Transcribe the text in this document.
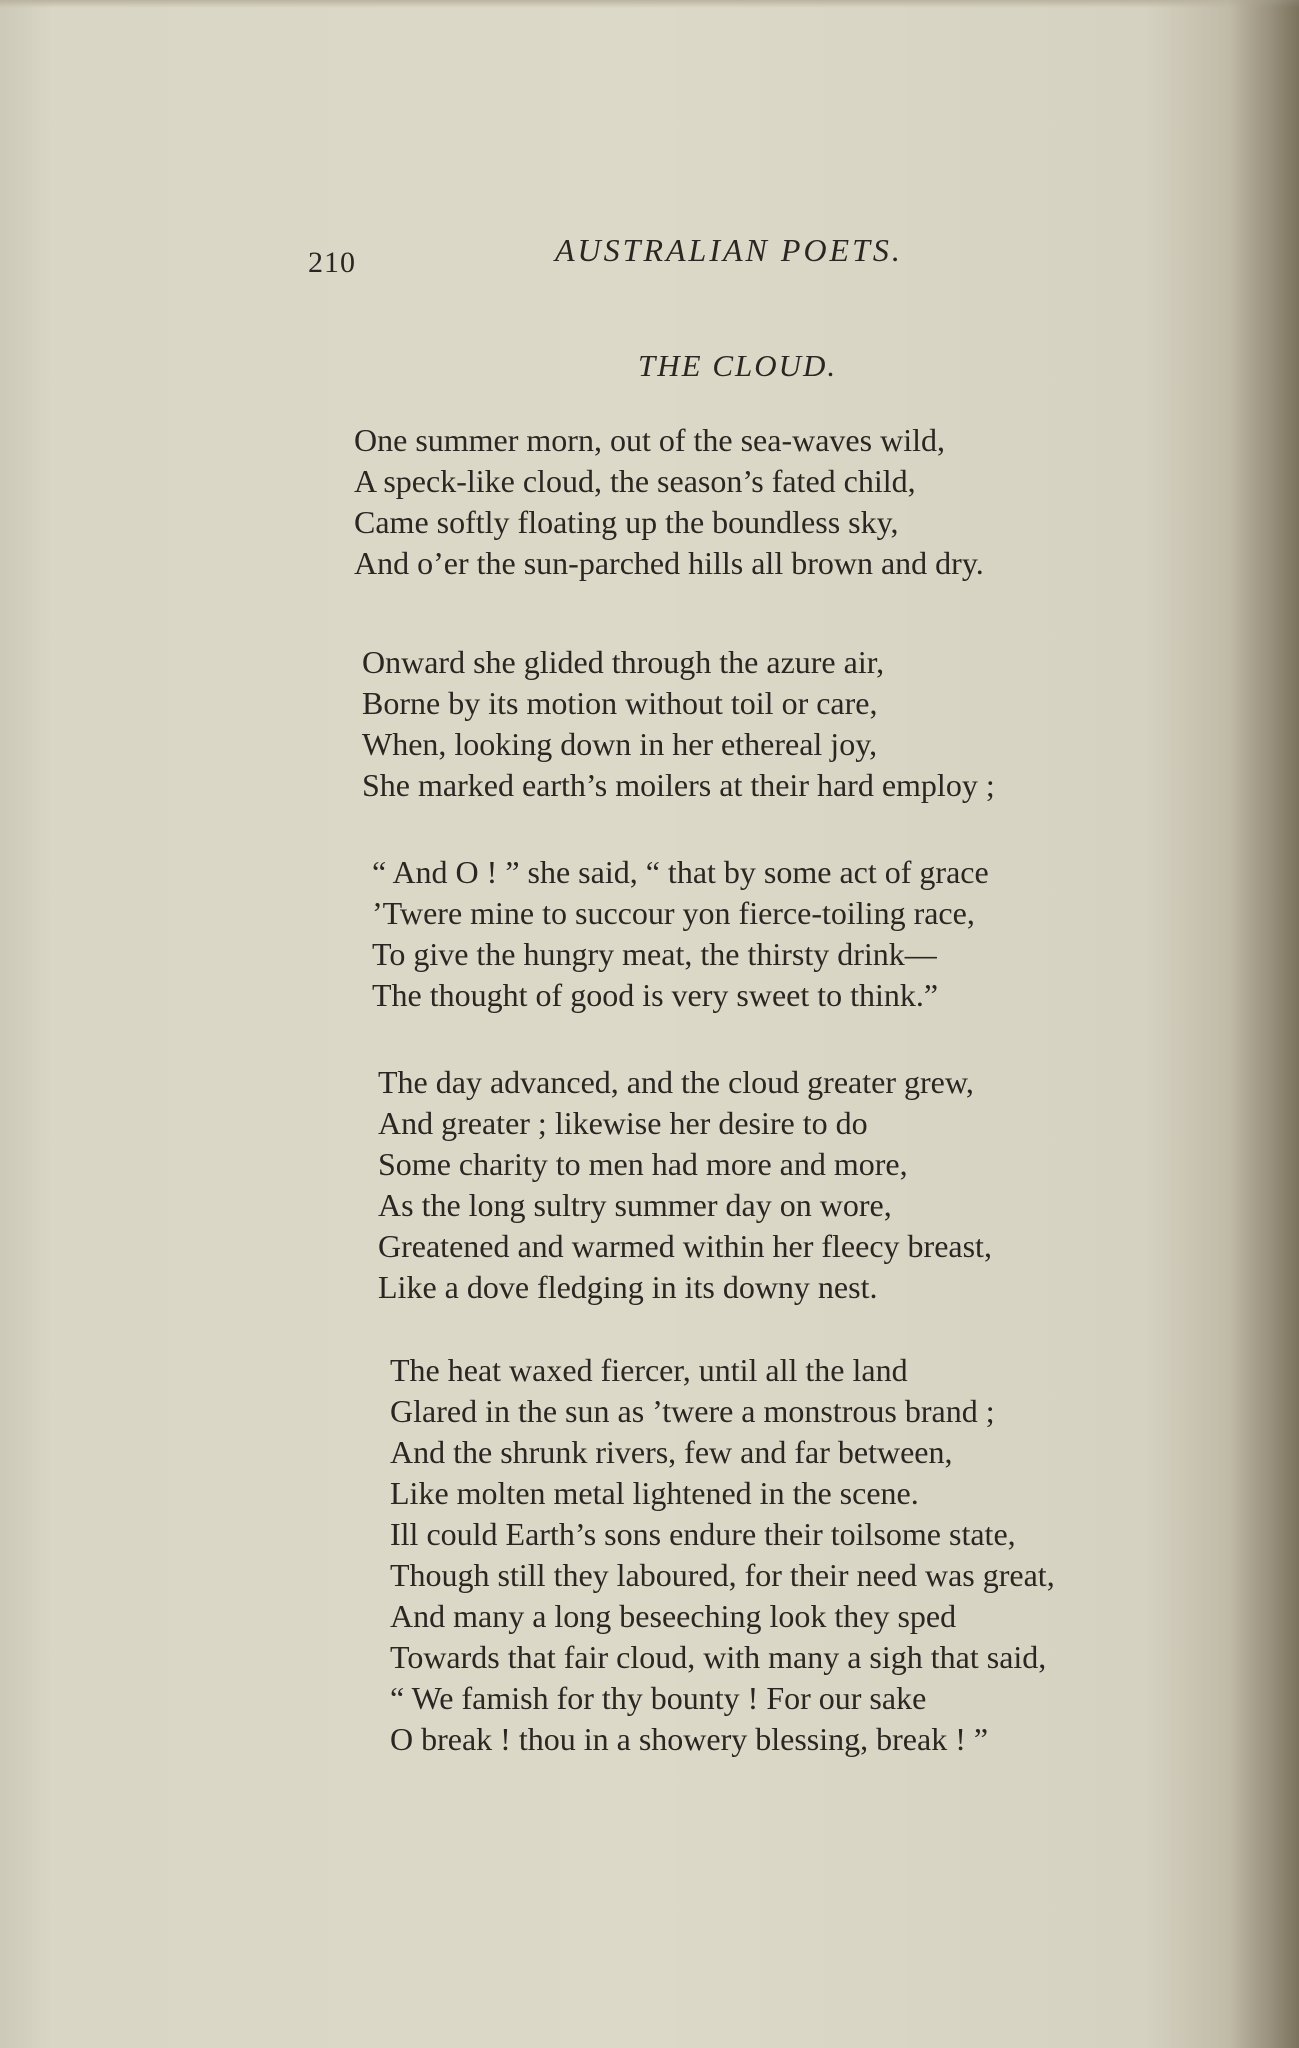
210	AUSTRALIAN POETS.
THE CLOUD.
One summer morn, out of the sea-waves wild,
A speck-like cloud, the season’s fated child,
Came softly floating up the boundless sky,
And o’er the sun-parched hills all brown and dry.
Onward she glided through the azure air,
Borne by its motion without toil or care,
When, looking down in her ethereal joy,
She marked earth’s moilers at their hard employ ;
“ And O ! ” she said, “ that by some act of grace
’Twere mine to succour yon fierce-toiling race,
To give the hungry meat, the thirsty drink—
The thought of good is very sweet to think.”
The day advanced, and the cloud greater grew,
And greater ; likewise her desire to do
Some charity to men had more and more,
As the long sultry summer day on wore,
Greatened and warmed within her fleecy breast,
Like a dove fledging in its downy nest.
The heat waxed fiercer, until all the land
Glared in the sun as ’twere a monstrous brand ;
And the shrunk rivers, few and far between,
Like molten metal lightened in the scene.
Ill could Earth’s sons endure their toilsome state,
Though still they laboured, for their need was great,
And many a long beseeching look they sped
Towards that fair cloud, with many a sigh that said,
“ We famish for thy bounty ! For our sake
O break ! thou in a showery blessing, break ! ”
